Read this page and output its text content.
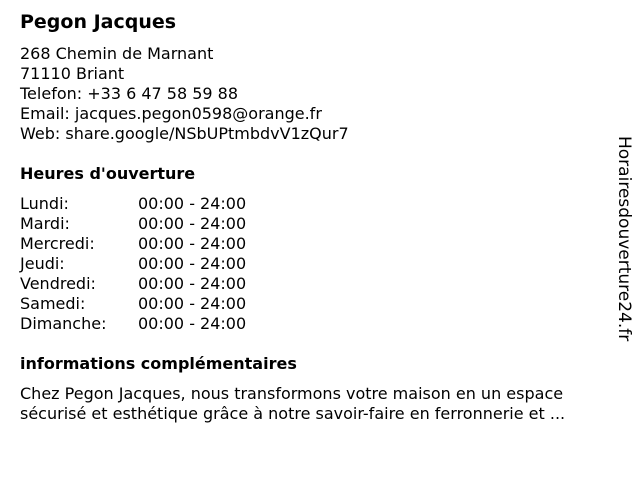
Pegon Jacques
268 Chemin de Marnant
71110 Briant
Telefon: +33 6 47 58 59 88
Email: jacques.pegon0598@orange.fr
Web: share.google/NSbUPtmbdvV1zQur7
Heures d'ouverture
Lundi:	00:00 - 24:00
Mardi:	00:00 - 24:00
Mercredi:	00:00 - 24:00
Jeudi:	00:00 - 24:00
Vendredi:	00:00 - 24:00
Samedi:	00:00 - 24:00
Dimanche:	00:00 - 24:00
informations complémentaires
Chez Pegon Jacques, nous transformons votre maison en un espace
sécurisé et esthétique grâce à notre savoir-faire en ferronnerie et ...
Horairesdouverture24.fr
